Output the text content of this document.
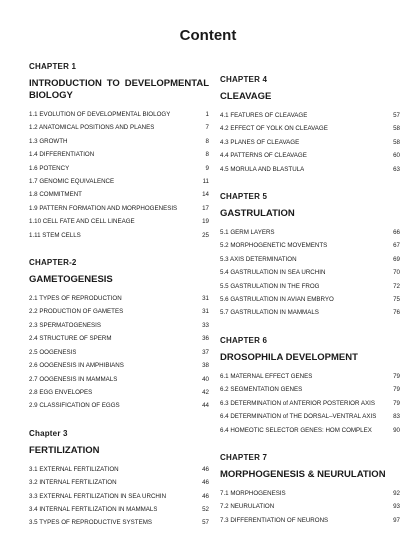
Content
CHAPTER 1
INTRODUCTION TO DEVELOPMENTAL
BIOLOGY
1.1 EVOLUTION OF DEVELOPMENTAL BIOLOGY	1
1.2 ANATOMICAL POSITIONS AND PLANES	7
1.3 GROWTH	8
1.4 DIFFERENTIATION	8
1.6 POTENCY	9
1.7 GENOMIC EQUIVALENCE	11
1.8 COMMITMENT	14
1.9 PATTERN FORMATION AND MORPHOGENESIS	17
1.10 CELL FATE AND CELL LINEAGE	19
1.11 STEM CELLS	25
CHAPTER-2
GAMETOGENESIS
2.1 TYPES OF REPRODUCTION	31
2.2 PRODUCTION OF GAMETES	31
2.3 SPERMATOGENESIS	33
2.4 STRUCTURE OF SPERM	36
2.5 OOGENESIS	37
2.6 OOGENESIS IN AMPHIBIANS	38
2.7 OOGENESIS IN MAMMALS	40
2.8 EGG ENVELOPES	42
2.9 CLASSIFICATION OF EGGS	44
Chapter 3
FERTILIZATION
3.1 EXTERNAL FERTILIZATION	46
3.2 INTERNAL FERTILIZATION	46
3.3 EXTERNAL FERTILIZATION IN SEA URCHIN	46
3.4 INTERNAL FERTILIZATION IN MAMMALS	52
3.5 TYPES OF REPRODUCTIVE SYSTEMS	57
CHAPTER 4
CLEAVAGE
4.1 FEATURES OF CLEAVAGE	57
4.2 EFFECT OF YOLK ON CLEAVAGE	58
4.3 PLANES OF CLEAVAGE	58
4.4 PATTERNS OF CLEAVAGE	60
4.5 MORULA AND BLASTULA	63
CHAPTER 5
GASTRULATION
5.1 GERM LAYERS	66
5.2 MORPHOGENETIC MOVEMENTS	67
5.3 AXIS DETERMINATION	69
5.4 GASTRULATION IN SEA URCHIN	70
5.5 GASTRULATION IN THE FROG	72
5.6 GASTRULATION IN AVIAN EMBRYO	75
5.7 GASTRULATION IN MAMMALS	76
CHAPTER 6
DROSOPHILA DEVELOPMENT
6.1 MATERNAL EFFECT GENES	79
6.2 SEGMENTATION GENES	79
6.3 DETERMINATION of ANTERIOR POSTERIOR AXIS	79
6.4 DETERMINATION of THE DORSAL–VENTRAL AXIS	83
6.4 HOMEOTIC SELECTOR GENES: HOM COMPLEX	90
CHAPTER 7
MORPHOGENESIS & NEURULATION
7.1 MORPHOGENESIS	92
7.2 NEURULATION	93
7.3 DIFFERENTIATION OF NEURONS	97
